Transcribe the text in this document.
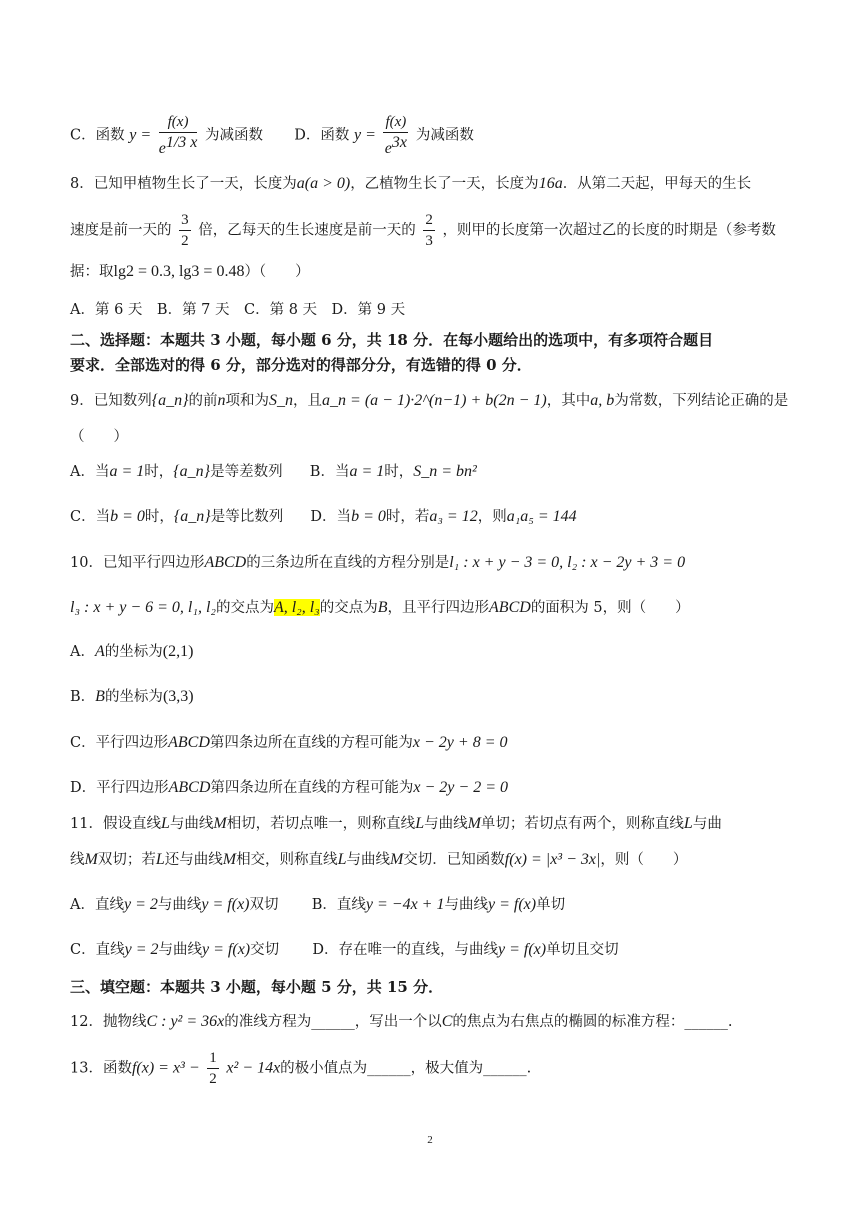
C．函数 $y = \frac{f(x)}{e^{1/3 x}}$ 为减函数 D．函数 $y = \frac{f(x)}{e^{3x}}$ 为减函数
8．已知甲植物生长了一天，长度为a(a > 0)，乙植物生长了一天，长度为16a．从第二天起，甲每天的生长
速度是前一天的 $\frac{3}{2}$ 倍，乙每天的生长速度是前一天的 $\frac{2}{3}$ ，则甲的长度第一次超过乙的长度的时期是（参考数
据：取lg2 = 0.3, lg3 = 0.48）（　　）
A．第 6 天　B．第 7 天　C．第 8 天　D．第 9 天
二、选择题：本题共 3 小题，每小题 6 分，共 18 分．在每小题给出的选项中，有多项符合题目
要求．全部选对的得 6 分，部分选对的得部分分，有选错的得 0 分．
9．已知数列{a_n}的前n项和为S_n，且a_n = (a − 1)·2^(n−1) + b(2n − 1)，其中a, b为常数，下列结论正确的是
（　　）
A．当a = 1时，{a_n}是等差数列 B．当a = 1时，S_n = bn²
C．当b = 0时，{a_n}是等比数列 D．当b = 0时，若a₃ = 12，则a₁a₅ = 144
10．已知平行四边形ABCD的三条边所在直线的方程分别是l₁ : x + y − 3 = 0, l₂ : x − 2y + 3 = 0
l₃ : x + y − 6 = 0, l₁, l₂的交点为A, l₂, l₃的交点为B，且平行四边形ABCD的面积为 5，则（　　）
A．A的坐标为(2,1)
B．B的坐标为(3,3)
C．平行四边形ABCD第四条边所在直线的方程可能为x − 2y + 8 = 0
D．平行四边形ABCD第四条边所在直线的方程可能为x − 2y − 2 = 0
11．假设直线L与曲线M相切，若切点唯一，则称直线L与曲线M单切；若切点有两个，则称直线L与曲
线M双切；若L还与曲线M相交，则称直线L与曲线M交切．已知函数f(x) = |x³ − 3x|，则（　　）
A．直线y = 2与曲线y = f(x)双切 B．直线y = −4x + 1与曲线y = f(x)单切
C．直线y = 2与曲线y = f(x)交切 D．存在唯一的直线，与曲线y = f(x)单切且交切
三、填空题：本题共 3 小题，每小题 5 分，共 15 分．
12．抛物线C : y² = 36x的准线方程为______，写出一个以C的焦点为右焦点的椭圆的标准方程：______.
13．函数$f(x) = x^3 - \frac{1}{2} x^2 - 14x$的极小值点为______，极大值为______.
2
